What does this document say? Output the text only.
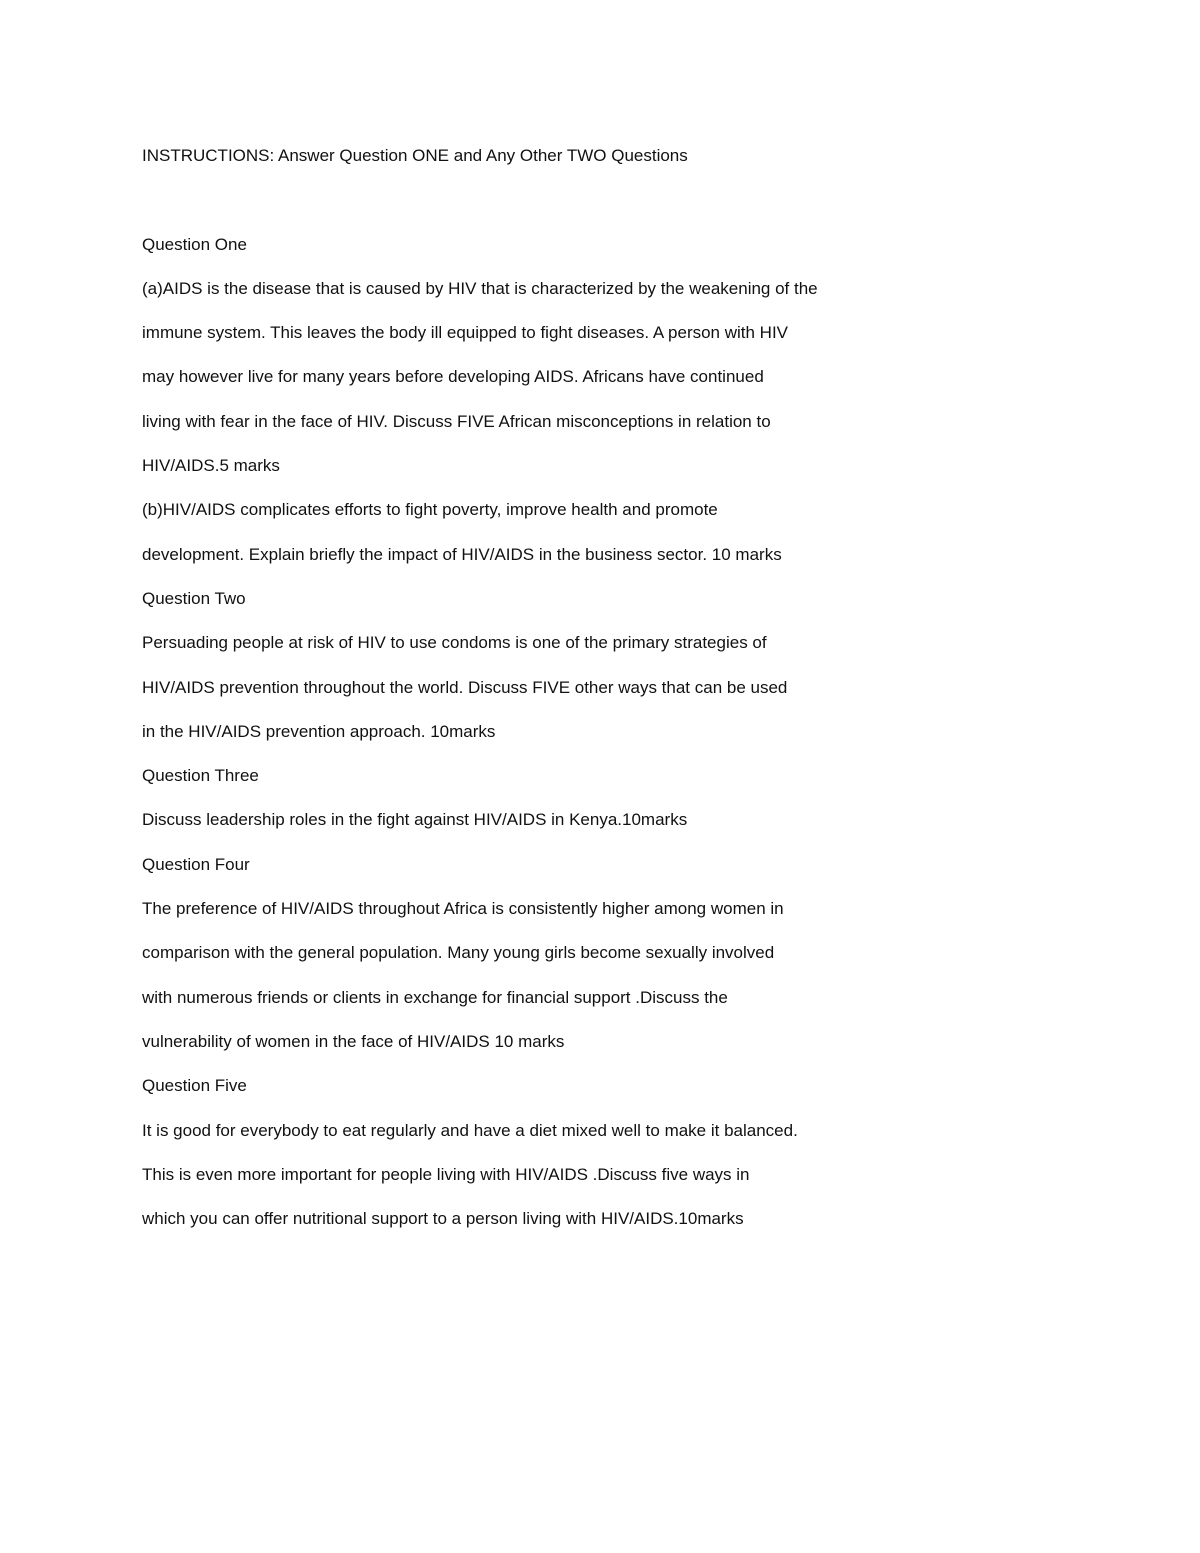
INSTRUCTIONS: Answer Question ONE and Any Other TWO Questions
Question One
(a)AIDS is the disease that is caused by HIV that is characterized by the weakening of the
immune system. This leaves the body ill equipped to fight diseases. A person with HIV
may however live for many years before developing AIDS. Africans have continued
living with fear in the face of HIV. Discuss FIVE African misconceptions in relation to
HIV/AIDS.5 marks
(b)HIV/AIDS complicates efforts to fight poverty, improve health and promote
development. Explain briefly the impact of HIV/AIDS in the business sector. 10 marks
Question Two
Persuading people at risk of HIV to use condoms is one of the primary strategies of
HIV/AIDS prevention throughout the world. Discuss FIVE other ways that can be used
in the HIV/AIDS prevention approach. 10marks
Question Three
Discuss leadership roles in the fight against HIV/AIDS in Kenya.10marks
Question Four
The preference of HIV/AIDS throughout Africa is consistently higher among women in
comparison with the general population. Many young girls become sexually involved
with numerous friends or clients in exchange for financial support .Discuss the
vulnerability of women in the face of HIV/AIDS 10 marks
Question Five
It is good for everybody to eat regularly and have a diet mixed well to make it balanced.
This is even more important for people living with HIV/AIDS .Discuss five ways in
which you can offer nutritional support to a person living with HIV/AIDS.10marks
